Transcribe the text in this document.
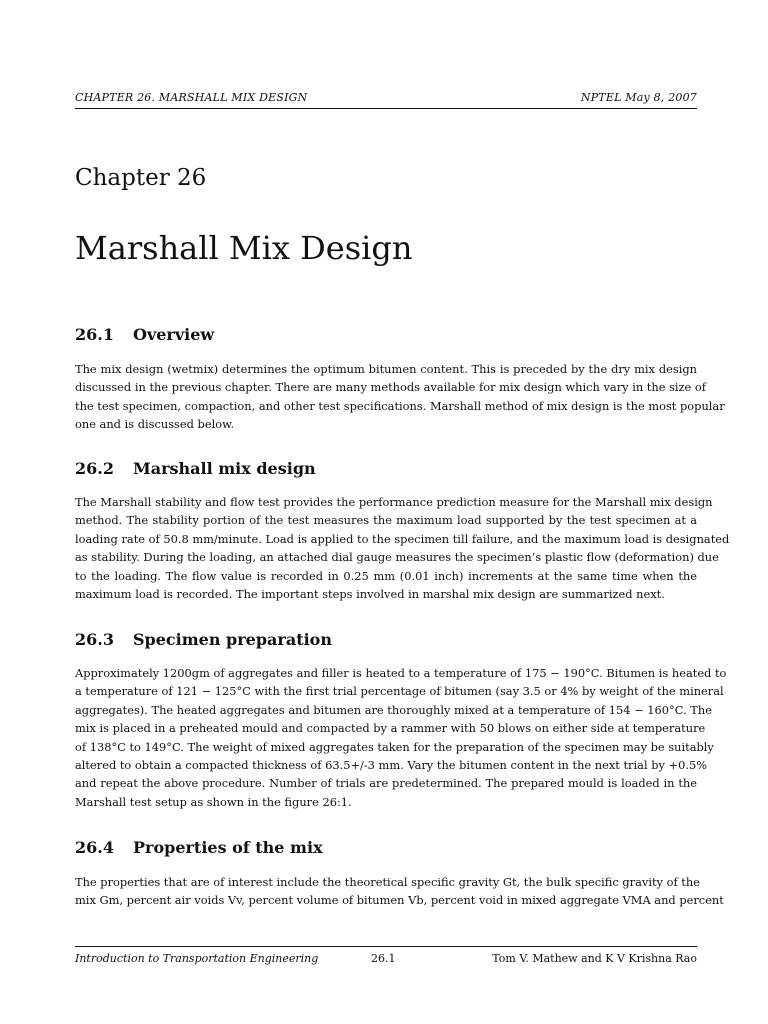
CHAPTER 26. MARSHALL MIX DESIGN	NPTEL May 8, 2007
Chapter 26
Marshall Mix Design
26.1 Overview
The mix design (wetmix) determines the optimum bitumen content. This is preceded by the dry mix design
discussed in the previous chapter. There are many methods available for mix design which vary in the size of
the test specimen, compaction, and other test specifications. Marshall method of mix design is the most popular
one and is discussed below.
26.2 Marshall mix design
The Marshall stability and flow test provides the performance prediction measure for the Marshall mix design
method. The stability portion of the test measures the maximum load supported by the test specimen at a
loading rate of 50.8 mm/minute. Load is applied to the specimen till failure, and the maximum load is designated
as stability. During the loading, an attached dial gauge measures the specimen’s plastic flow (deformation) due
to the loading. The flow value is recorded in 0.25 mm (0.01 inch) increments at the same time when the
maximum load is recorded. The important steps involved in marshal mix design are summarized next.
26.3 Specimen preparation
Approximately 1200gm of aggregates and filler is heated to a temperature of 175 − 190°C. Bitumen is heated to
a temperature of 121 − 125°C with the first trial percentage of bitumen (say 3.5 or 4% by weight of the mineral
aggregates). The heated aggregates and bitumen are thoroughly mixed at a temperature of 154 − 160°C. The
mix is placed in a preheated mould and compacted by a rammer with 50 blows on either side at temperature
of 138°C to 149°C. The weight of mixed aggregates taken for the preparation of the specimen may be suitably
altered to obtain a compacted thickness of 63.5+/-3 mm. Vary the bitumen content in the next trial by +0.5%
and repeat the above procedure. Number of trials are predetermined. The prepared mould is loaded in the
Marshall test setup as shown in the figure 26:1.
26.4 Properties of the mix
The properties that are of interest include the theoretical specific gravity Gt, the bulk specific gravity of the
mix Gm, percent air voids Vv, percent volume of bitumen Vb, percent void in mixed aggregate VMA and percent
Introduction to Transportation Engineering	26.1	Tom V. Mathew and K V Krishna Rao
